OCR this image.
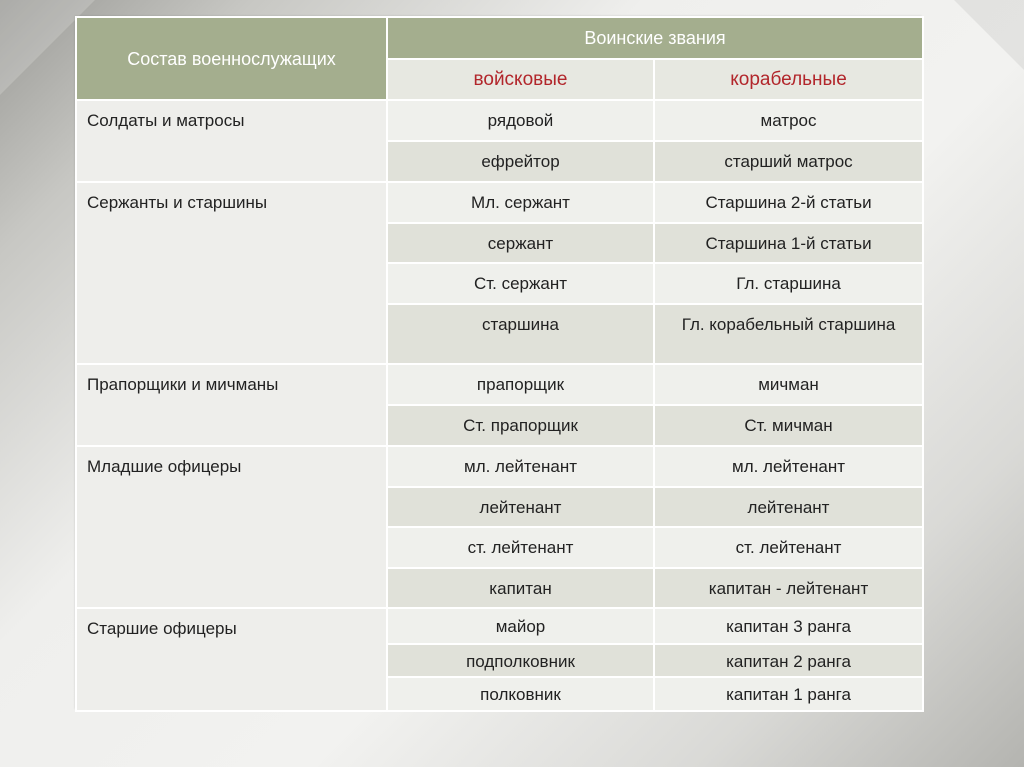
Состав военнослужащих	Воинские звания	
	войсковые	корабельные
Солдаты и матросы	рядовой	матрос
	ефрейтор	старший матрос
Сержанты и старшины	Мл. сержант	Старшина 2-й статьи
	сержант	Старшина 1-й статьи
	Ст. сержант	Гл. старшина
	старшина	Гл. корабельный старшина
Прапорщики и мичманы	прапорщик	мичман
	Ст. прапорщик	Ст. мичман
Младшие офицеры	мл. лейтенант	мл. лейтенант
	лейтенант	лейтенант
	ст. лейтенант	ст. лейтенант
	капитан	капитан - лейтенант
Старшие офицеры	майор	капитан 3 ранга
	подполковник	капитан 2 ранга
	полковник	капитан 1 ранга
